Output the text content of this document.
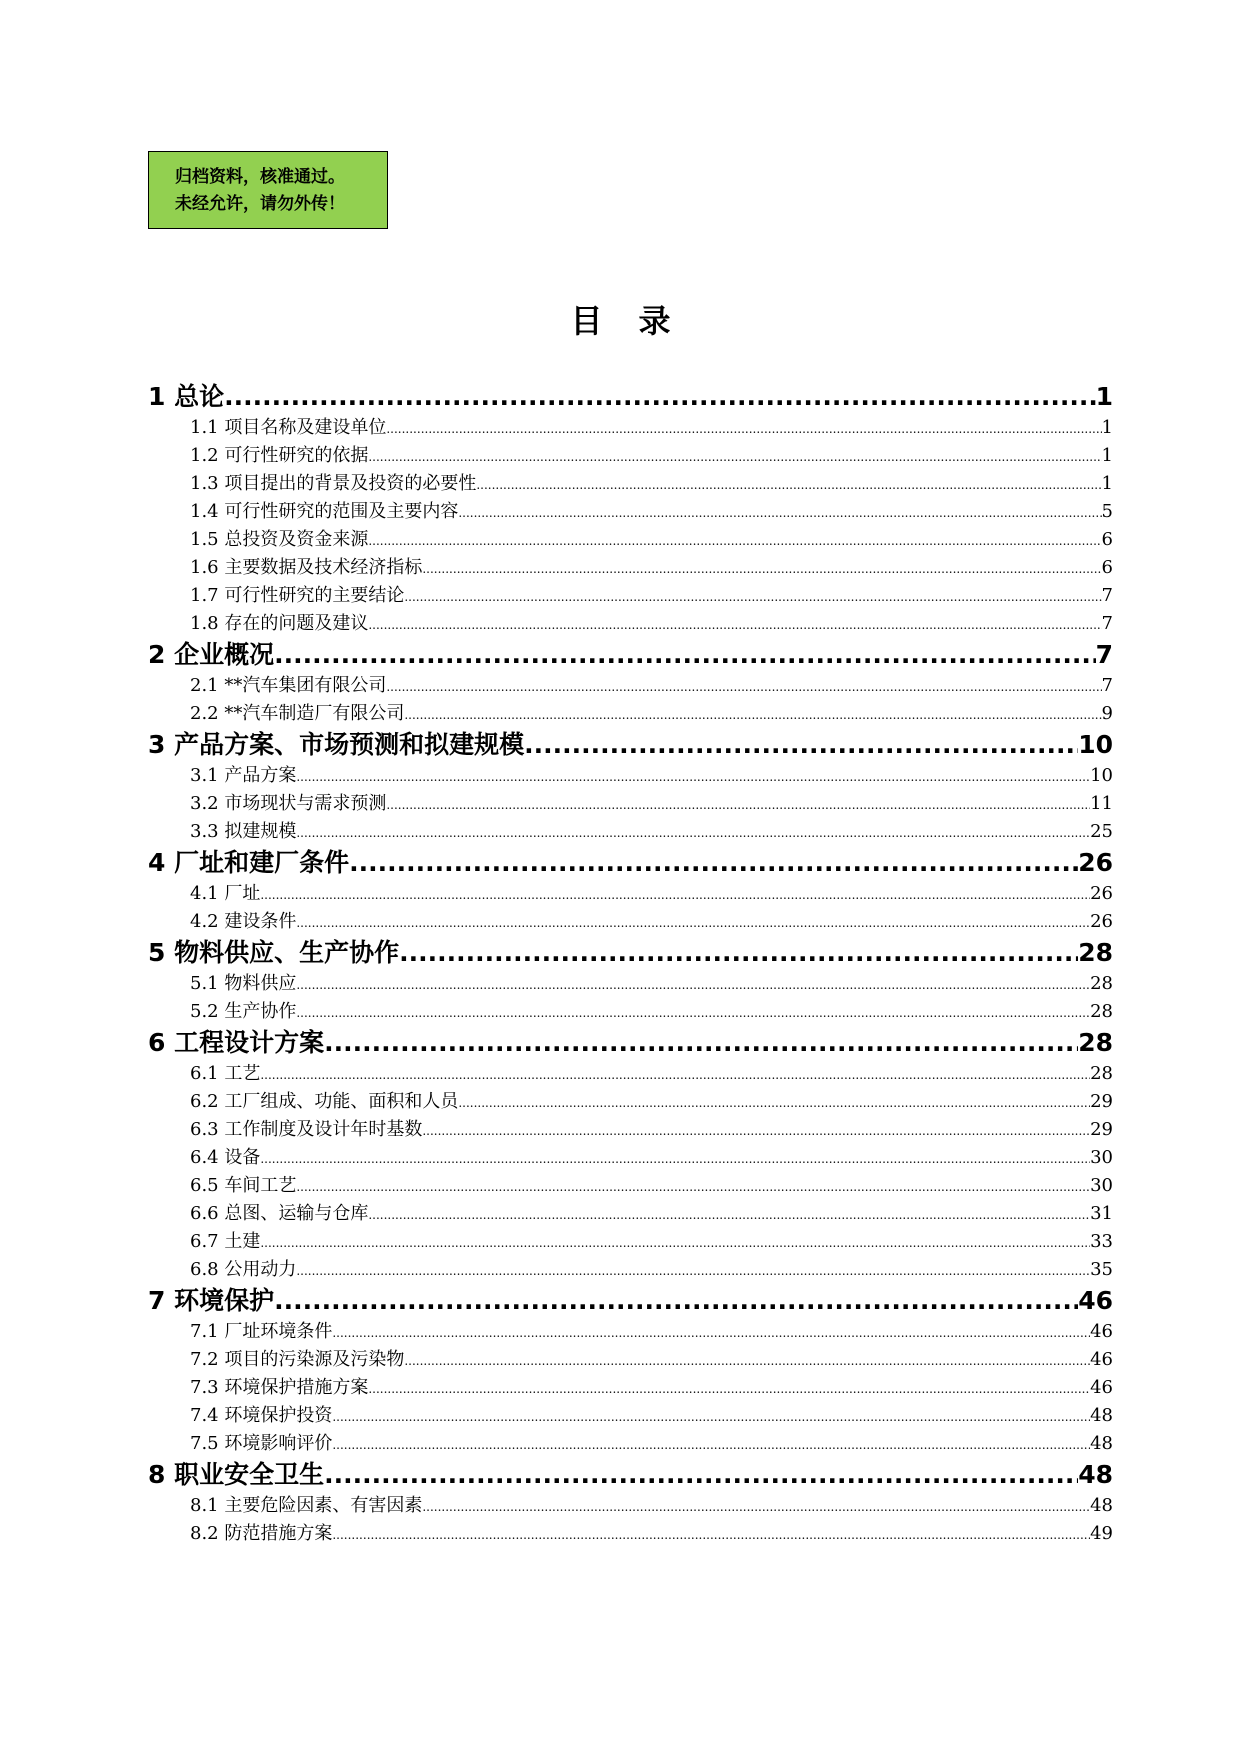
归档资料，核准通过。
未经允许，请勿外传！
目录
1 总论 .....	1
1.1 项目名称及建设单位 .....	1
1.2 可行性研究的依据 .....	1
1.3 项目提出的背景及投资的必要性 .....	1
1.4 可行性研究的范围及主要内容 .....	5
1.5 总投资及资金来源 .....	6
1.6 主要数据及技术经济指标 .....	6
1.7 可行性研究的主要结论 .....	7
1.8 存在的问题及建议 .....	7
2 企业概况 .....	7
2.1 **汽车集团有限公司 .....	7
2.2 **汽车制造厂有限公司 .....	9
3 产品方案、市场预测和拟建规模 .....	10
3.1 产品方案 .....	10
3.2 市场现状与需求预测 .....	11
3.3 拟建规模 .....	25
4 厂址和建厂条件 .....	26
4.1 厂址 .....	26
4.2 建设条件 .....	26
5 物料供应、生产协作 .....	28
5.1 物料供应 .....	28
5.2 生产协作 .....	28
6 工程设计方案 .....	28
6.1 工艺 .....	28
6.2 工厂组成、功能、面积和人员 .....	29
6.3 工作制度及设计年时基数 .....	29
6.4 设备 .....	30
6.5 车间工艺 .....	30
6.6 总图、运输与仓库 .....	31
6.7 土建 .....	33
6.8 公用动力 .....	35
7 环境保护 .....	46
7.1 厂址环境条件 .....	46
7.2 项目的污染源及污染物 .....	46
7.3 环境保护措施方案 .....	46
7.4 环境保护投资 .....	48
7.5 环境影响评价 .....	48
8 职业安全卫生 .....	48
8.1 主要危险因素、有害因素 .....	48
8.2 防范措施方案 .....	49
